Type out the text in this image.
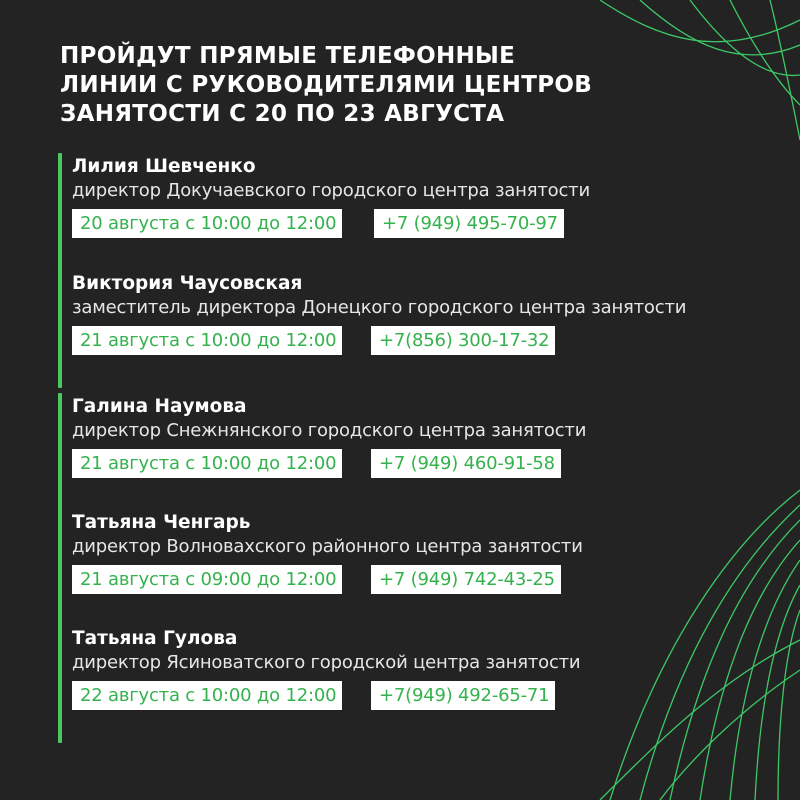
ПРОЙДУТ ПРЯМЫЕ ТЕЛЕФОННЫЕ
ЛИНИИ С РУКОВОДИТЕЛЯМИ ЦЕНТРОВ
ЗАНЯТОСТИ С 20 ПО 23 АВГУСТА
Лилия Шевченко
директор Докучаевского городского центра занятости
20 августа с 10:00 до 12:00	+7 (949) 495-70-97
Виктория Чаусовская
заместитель директора Донецкого городского центра занятости
21 августа с 10:00 до 12:00	+7(856) 300-17-32
Галина Наумова
директор Снежнянского городского центра занятости
21 августа с 10:00 до 12:00	+7 (949) 460-91-58
Татьяна Ченгарь
директор Волновахского районного центра занятости
21 августа с 09:00 до 12:00	+7 (949) 742-43-25
Татьяна Гулова
директор Ясиноватского городской центра занятости
22 августа с 10:00 до 12:00	+7(949) 492-65-71
